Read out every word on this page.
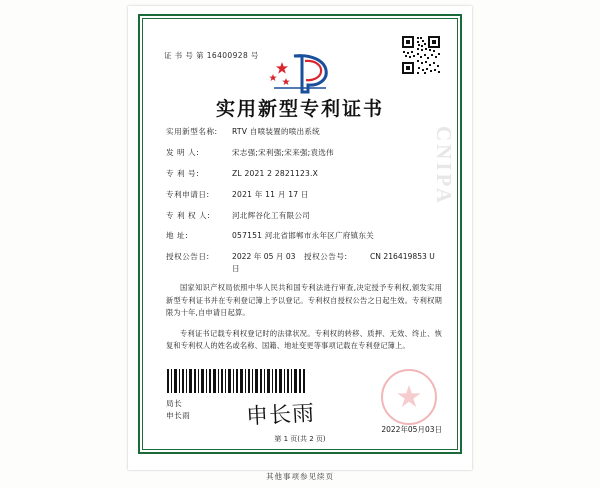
CNIPA
证 书 号 第 16400928 号
实用新型专利证书
实用新型名称:	RTV 自喷装置的喷出系统
发 明 人:	宋志强;宋利强;宋来强;袁选伟
专 利 号:	ZL 2021 2 2821123.X
专利申请日:	2021 年 11 月 17 日
专 利 权 人:	河北辉谷化工有限公司
地 址:	057151 河北省邯郸市永年区广府镇东关
授权公告日:	2022 年 05 月 03 日
授权公告号:	CN 216419853 U

国家知识产权局依照中华人民共和国专利法进行审查,决定授予专利权,颁发实用新型专利证书并在专利登记簿上予以登记。专利权自授权公告之日起生效。专利权期限为十年,自申请日起算。

专利证书记载专利权登记时的法律状况。专利权的转移、质押、无效、终止、恢复和专利权人的姓名或名称、国籍、地址变更等事项记载在专利登记簿上。

局长
申长雨	申长雨
2022年05月03日
第 1 页(共 2 页)
其他事项参见续页
